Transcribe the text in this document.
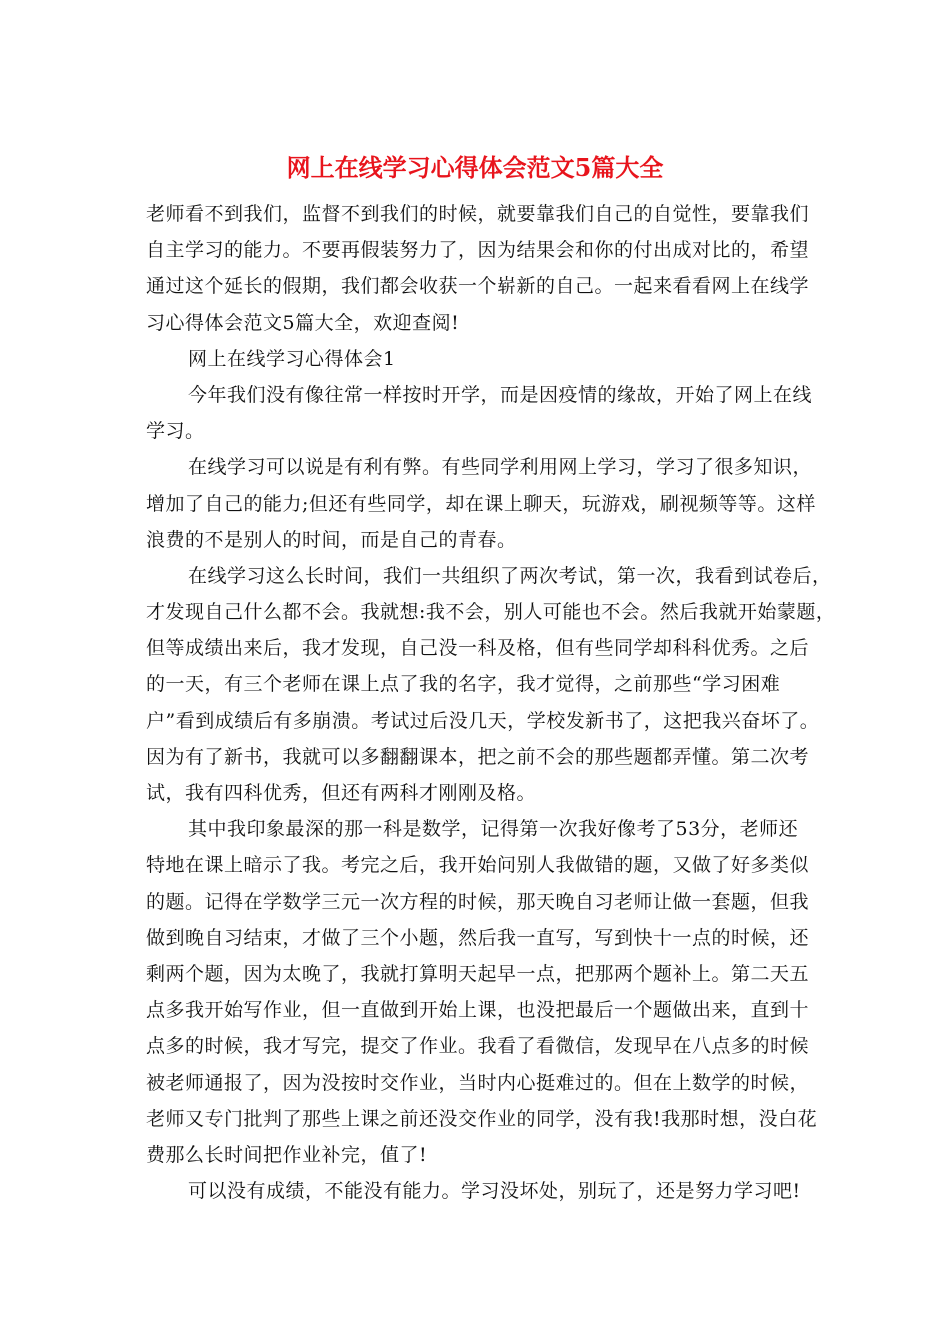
网上在线学习心得体会范文5篇大全
老师看不到我们，监督不到我们的时候，就要靠我们自己的自觉性，要靠我们
自主学习的能力。不要再假装努力了，因为结果会和你的付出成对比的，希望
通过这个延长的假期，我们都会收获一个崭新的自己。一起来看看网上在线学
习心得体会范文5篇大全，欢迎查阅!
网上在线学习心得体会1
今年我们没有像往常一样按时开学，而是因疫情的缘故，开始了网上在线
学习。
在线学习可以说是有利有弊。有些同学利用网上学习，学习了很多知识，
增加了自己的能力;但还有些同学，却在课上聊天，玩游戏，刷视频等等。这样
浪费的不是别人的时间，而是自己的青春。
在线学习这么长时间，我们一共组织了两次考试，第一次，我看到试卷后，
才发现自己什么都不会。我就想:我不会，别人可能也不会。然后我就开始蒙题，
但等成绩出来后，我才发现，自己没一科及格，但有些同学却科科优秀。之后
的一天，有三个老师在课上点了我的名字，我才觉得，之前那些“学习困难
户”看到成绩后有多崩溃。考试过后没几天，学校发新书了，这把我兴奋坏了。
因为有了新书，我就可以多翻翻课本，把之前不会的那些题都弄懂。第二次考
试，我有四科优秀，但还有两科才刚刚及格。
其中我印象最深的那一科是数学，记得第一次我好像考了53分，老师还
特地在课上暗示了我。考完之后，我开始问别人我做错的题，又做了好多类似
的题。记得在学数学三元一次方程的时候，那天晚自习老师让做一套题，但我
做到晚自习结束，才做了三个小题，然后我一直写，写到快十一点的时候，还
剩两个题，因为太晚了，我就打算明天起早一点，把那两个题补上。第二天五
点多我开始写作业，但一直做到开始上课，也没把最后一个题做出来，直到十
点多的时候，我才写完，提交了作业。我看了看微信，发现早在八点多的时候
被老师通报了，因为没按时交作业，当时内心挺难过的。但在上数学的时候，
老师又专门批判了那些上课之前还没交作业的同学，没有我!我那时想，没白花
费那么长时间把作业补完，值了!
可以没有成绩，不能没有能力。学习没坏处，别玩了，还是努力学习吧!
